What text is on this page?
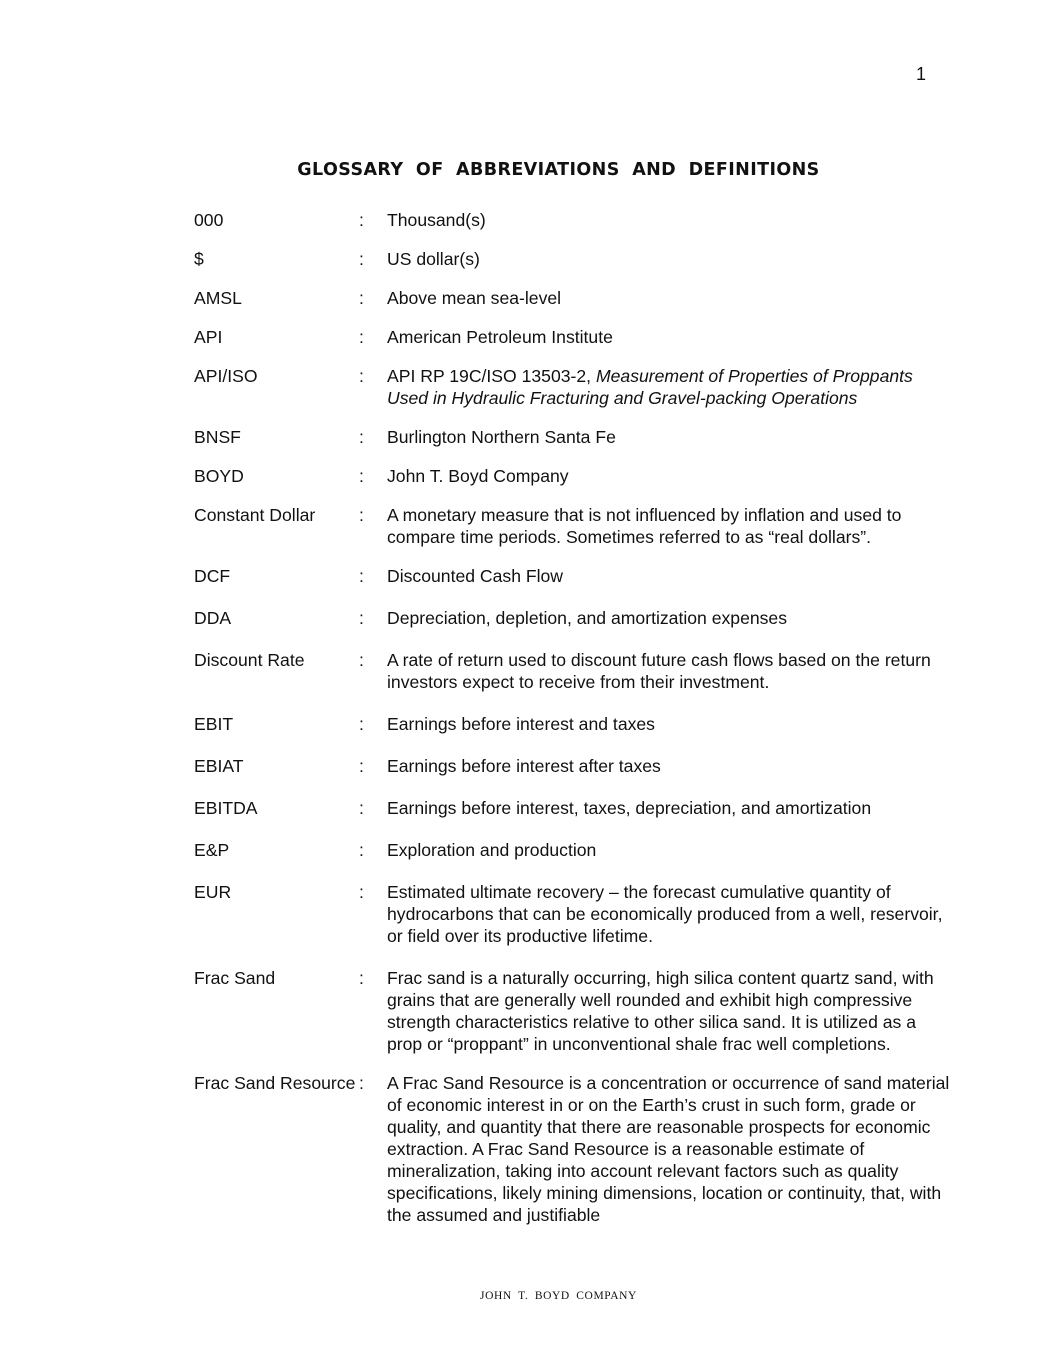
1
GLOSSARY OF ABBREVIATIONS AND DEFINITIONS
000	:	Thousand(s)
$	:	US dollar(s)
AMSL	:	Above mean sea-level
API	:	American Petroleum Institute
API/ISO	:	API RP 19C/ISO 13503-2, Measurement of Properties of Proppants Used in Hydraulic Fracturing and Gravel-packing Operations
BNSF	:	Burlington Northern Santa Fe
BOYD	:	John T. Boyd Company
Constant Dollar	:	A monetary measure that is not influenced by inflation and used to compare time periods. Sometimes referred to as “real dollars”.
DCF	:	Discounted Cash Flow
DDA	:	Depreciation, depletion, and amortization expenses
Discount Rate	:	A rate of return used to discount future cash flows based on the return investors expect to receive from their investment.
EBIT	:	Earnings before interest and taxes
EBIAT	:	Earnings before interest after taxes
EBITDA	:	Earnings before interest, taxes, depreciation, and amortization
E&P	:	Exploration and production
EUR	:	Estimated ultimate recovery – the forecast cumulative quantity of hydrocarbons that can be economically produced from a well, reservoir, or field over its productive lifetime.
Frac Sand	:	Frac sand is a naturally occurring, high silica content quartz sand, with grains that are generally well rounded and exhibit high compressive strength characteristics relative to other silica sand. It is utilized as a prop or “proppant” in unconventional shale frac well completions.
Frac Sand Resource :	A Frac Sand Resource is a concentration or occurrence of sand material of economic interest in or on the Earth’s crust in such form, grade or quality, and quantity that there are reasonable prospects for economic extraction. A Frac Sand Resource is a reasonable estimate of mineralization, taking into account relevant factors such as quality specifications, likely mining dimensions, location or continuity, that, with the assumed and justifiable
JOHN T. BOYD COMPANY
